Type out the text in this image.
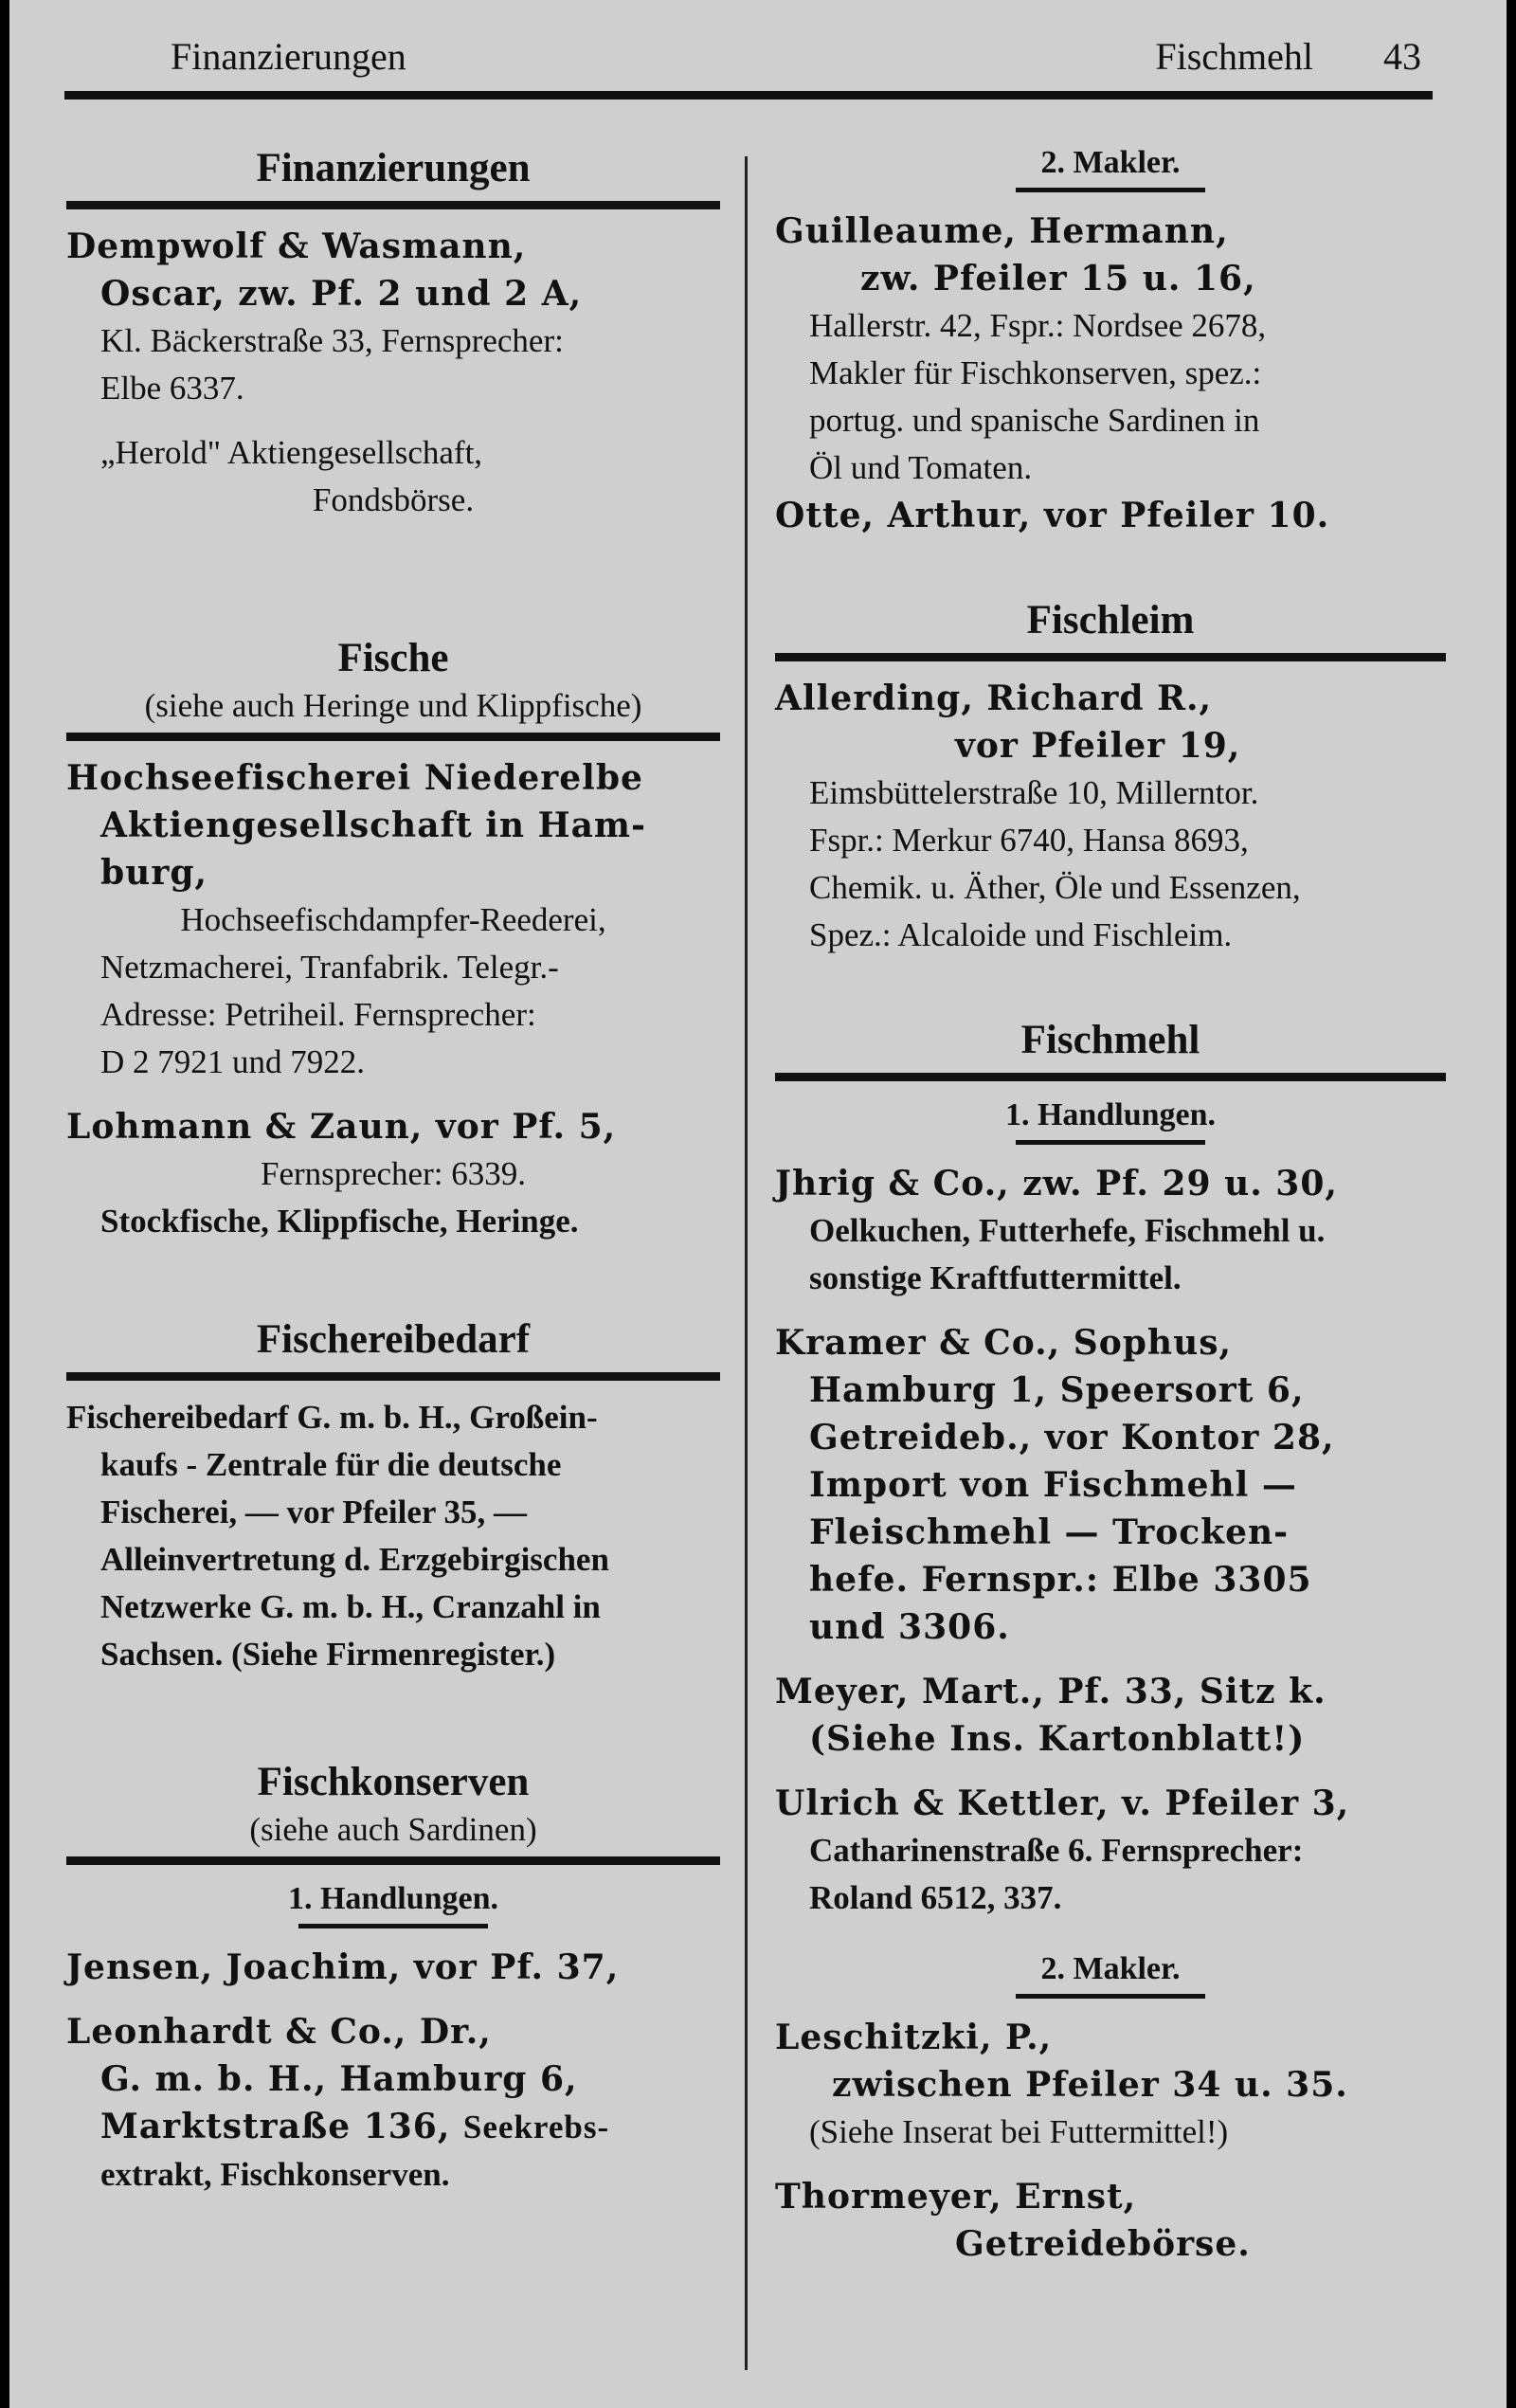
Finanzierungen	Fischmehl 43
Finanzierungen
Dempwolf & Wasmann,
Oscar, zw. Pf. 2 und 2 A,
Kl. Bäckerstraße 33, Fernsprecher:
Elbe 6337.
„Herold" Aktiengesellschaft,
Fondsbörse.
Fische
(siehe auch Heringe und Klippfische)
Hochseefischerei Niederelbe
Aktiengesellschaft in Ham-
burg,
Hochseefischdampfer-Reederei,
Netzmacherei, Tranfabrik. Telegr.-
Adresse: Petriheil. Fernsprecher:
D 2 7921 und 7922.
Lohmann & Zaun, vor Pf. 5,
Fernsprecher: 6339.
Stockfische, Klippfische, Heringe.
Fischereibedarf
Fischereibedarf G. m. b. H., Großein-
kaufs - Zentrale für die deutsche
Fischerei, — vor Pfeiler 35, —
Alleinvertretung d. Erzgebirgischen
Netzwerke G. m. b. H., Cranzahl in
Sachsen. (Siehe Firmenregister.)
Fischkonserven
(siehe auch Sardinen)
1. Handlungen.
Jensen, Joachim, vor Pf. 37,
Leonhardt & Co., Dr.,
G. m. b. H., Hamburg 6,
Marktstraße 136, Seekrebs-
extrakt, Fischkonserven.
2. Makler.
Guilleaume, Hermann,
zw. Pfeiler 15 u. 16,
Hallerstr. 42, Fspr.: Nordsee 2678,
Makler für Fischkonserven, spez.:
portug. und spanische Sardinen in
Öl und Tomaten.
Otte, Arthur, vor Pfeiler 10.
Fischleim
Allerding, Richard R.,
vor Pfeiler 19,
Eimsbüttelerstraße 10, Millerntor.
Fspr.: Merkur 6740, Hansa 8693,
Chemik. u. Äther, Öle und Essenzen,
Spez.: Alcaloide und Fischleim.
Fischmehl
1. Handlungen.
Jhrig & Co., zw. Pf. 29 u. 30,
Oelkuchen, Futterhefe, Fischmehl u.
sonstige Kraftfuttermittel.
Kramer & Co., Sophus,
Hamburg 1, Speersort 6,
Getreideb., vor Kontor 28,
Import von Fischmehl —
Fleischmehl — Trocken-
hefe. Fernspr.: Elbe 3305
und 3306.
Meyer, Mart., Pf. 33, Sitz k.
(Siehe Ins. Kartonblatt!)
Ulrich & Kettler, v. Pfeiler 3,
Catharinenstraße 6. Fernsprecher:
Roland 6512, 337.
2. Makler.
Leschitzki, P.,
zwischen Pfeiler 34 u. 35.
(Siehe Inserat bei Futtermittel!)
Thormeyer, Ernst,
Getreidebörse.
